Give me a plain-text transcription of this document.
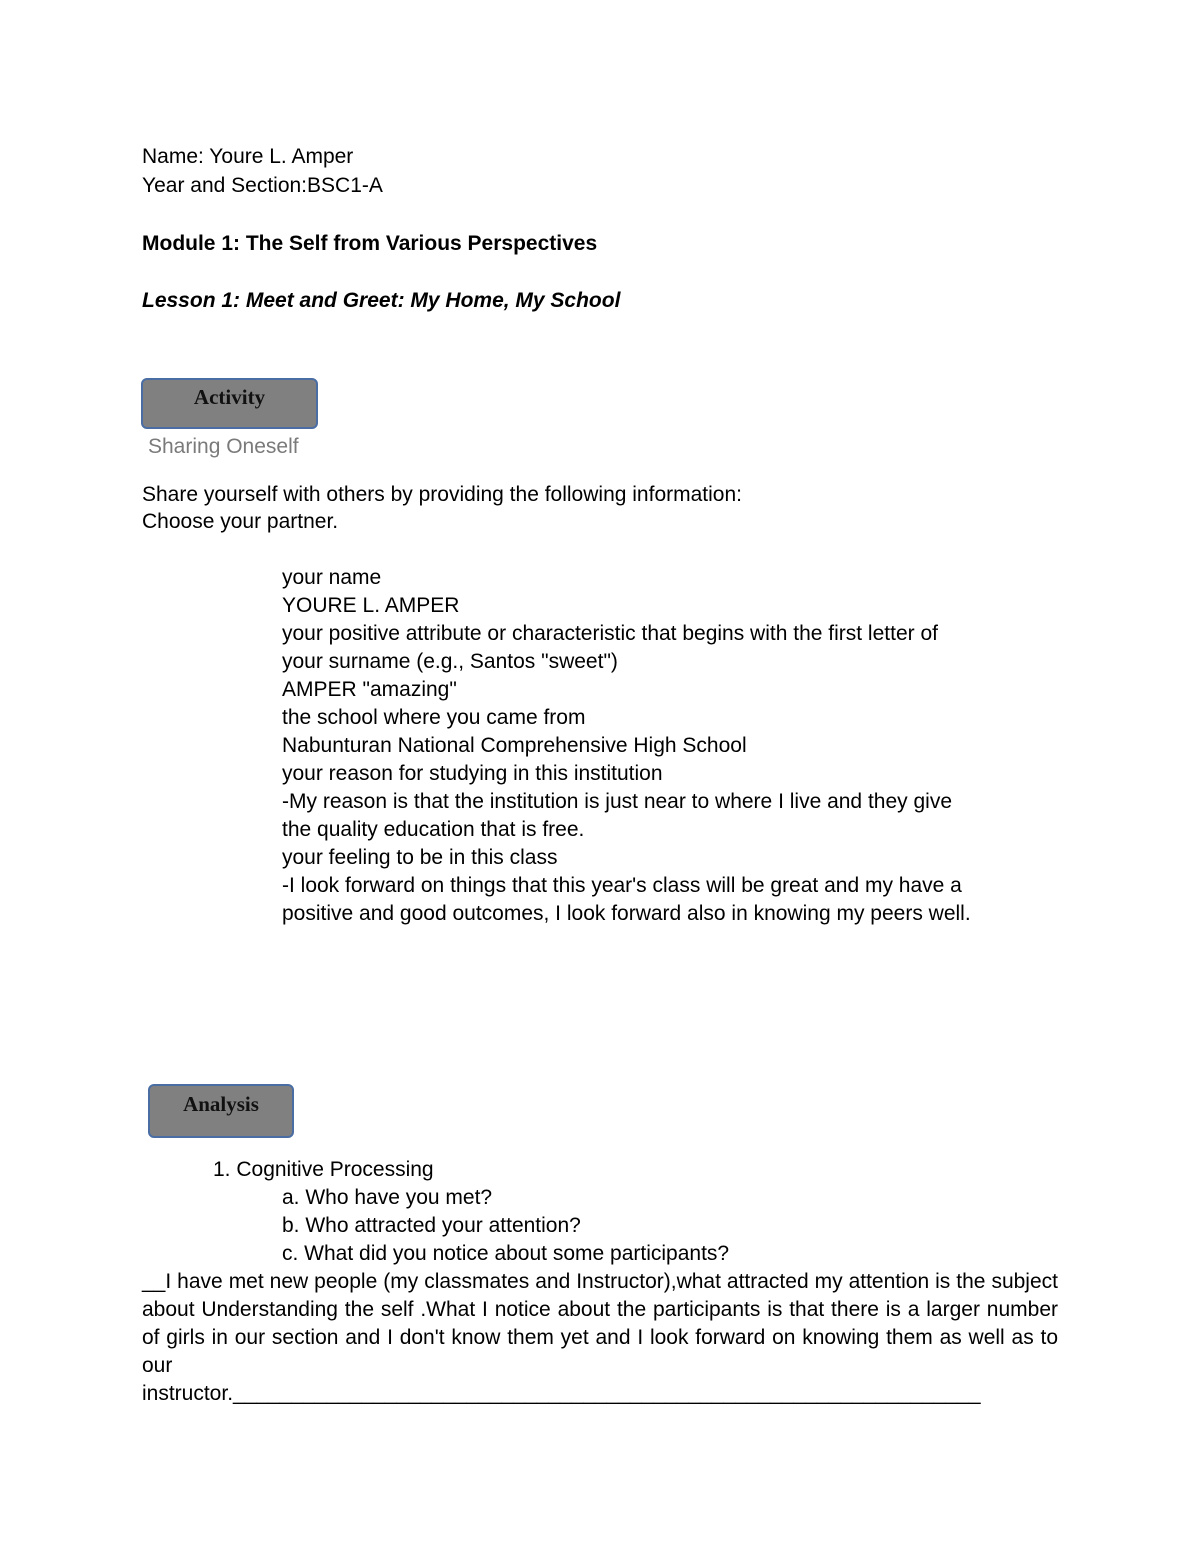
Name: Youre L. Amper
Year and Section:BSC1-A
Module 1: The Self from Various Perspectives
Lesson 1: Meet and Greet: My Home, My School
Activity
Sharing Oneself
Share yourself with others by providing the following information:
Choose your partner.
your name
YOURE L. AMPER
your positive attribute or characteristic that begins with the first letter of
your surname (e.g., Santos "sweet")
AMPER "amazing"
the school where you came from
Nabunturan National Comprehensive High School
your reason for studying in this institution
-My reason is that the institution is just near to where I live and they give
the quality education that is free.
your feeling to be in this class
-I look forward on things that this year's class will be great and my have a
positive and good outcomes, I look forward also in knowing my peers well.
Analysis
1. Cognitive Processing
a. Who have you met?
b. Who attracted your attention?
c. What did you notice about some participants?
__I have met new people (my classmates and Instructor),what attracted my attention is the subject about Understanding the self .What I notice about the participants is that there is a larger number of girls in our section and I don't know them yet and I look forward on knowing them as well as to our
instructor.________________________________________________________________
